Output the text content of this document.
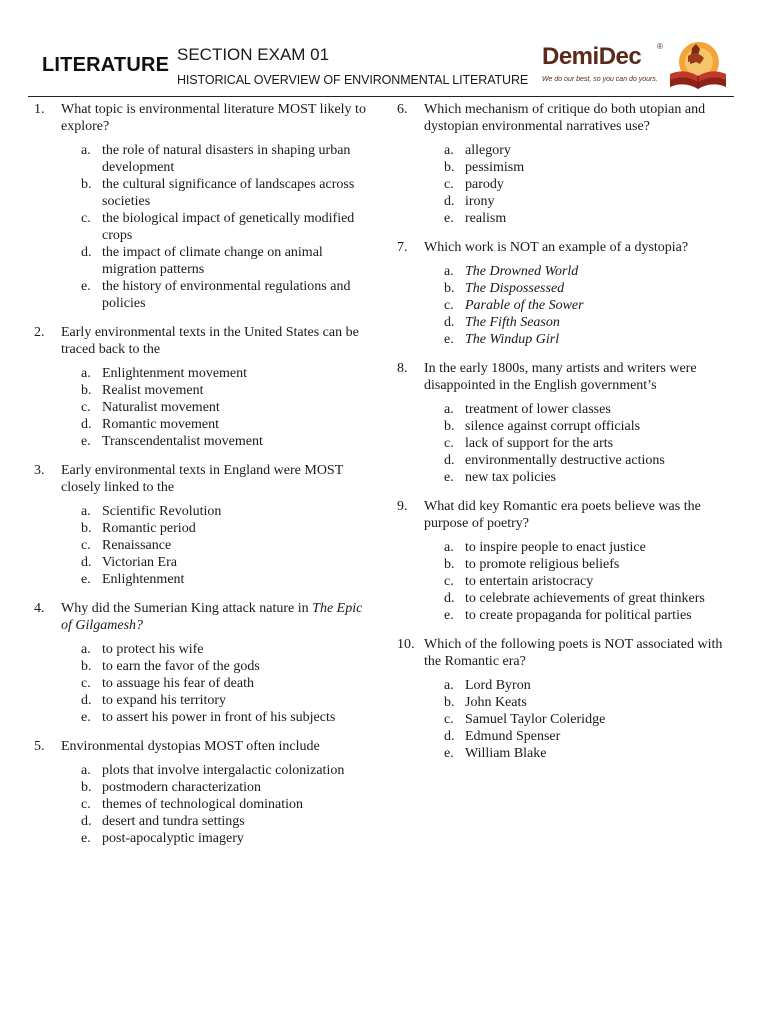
LITERATURE SECTION EXAM 01
HISTORICAL OVERVIEW OF ENVIRONMENTAL LITERATURE
DemiDec ®
We do our best, so you can do yours.
1.	What topic is environmental literature MOST likely to explore?
a. the role of natural disasters in shaping urban development
b. the cultural significance of landscapes across societies
c. the biological impact of genetically modified crops
d. the impact of climate change on animal migration patterns
e. the history of environmental regulations and policies
2.	Early environmental texts in the United States can be traced back to the
a. Enlightenment movement
b. Realist movement
c. Naturalist movement
d. Romantic movement
e. Transcendentalist movement
3.	Early environmental texts in England were MOST closely linked to the
a. Scientific Revolution
b. Romantic period
c. Renaissance
d. Victorian Era
e. Enlightenment
4.	Why did the Sumerian King attack nature in The Epic of Gilgamesh?
a. to protect his wife
b. to earn the favor of the gods
c. to assuage his fear of death
d. to expand his territory
e. to assert his power in front of his subjects
5.	Environmental dystopias MOST often include
a. plots that involve intergalactic colonization
b. postmodern characterization
c. themes of technological domination
d. desert and tundra settings
e. post-apocalyptic imagery
6.	Which mechanism of critique do both utopian and dystopian environmental narratives use?
a. allegory
b. pessimism
c. parody
d. irony
e. realism
7.	Which work is NOT an example of a dystopia?
a. The Drowned World
b. The Dispossessed
c. Parable of the Sower
d. The Fifth Season
e. The Windup Girl
8.	In the early 1800s, many artists and writers were disappointed in the English government’s
a. treatment of lower classes
b. silence against corrupt officials
c. lack of support for the arts
d. environmentally destructive actions
e. new tax policies
9.	What did key Romantic era poets believe was the purpose of poetry?
a. to inspire people to enact justice
b. to promote religious beliefs
c. to entertain aristocracy
d. to celebrate achievements of great thinkers
e. to create propaganda for political parties
10. Which of the following poets is NOT associated with the Romantic era?
a. Lord Byron
b. John Keats
c. Samuel Taylor Coleridge
d. Edmund Spenser
e. William Blake
